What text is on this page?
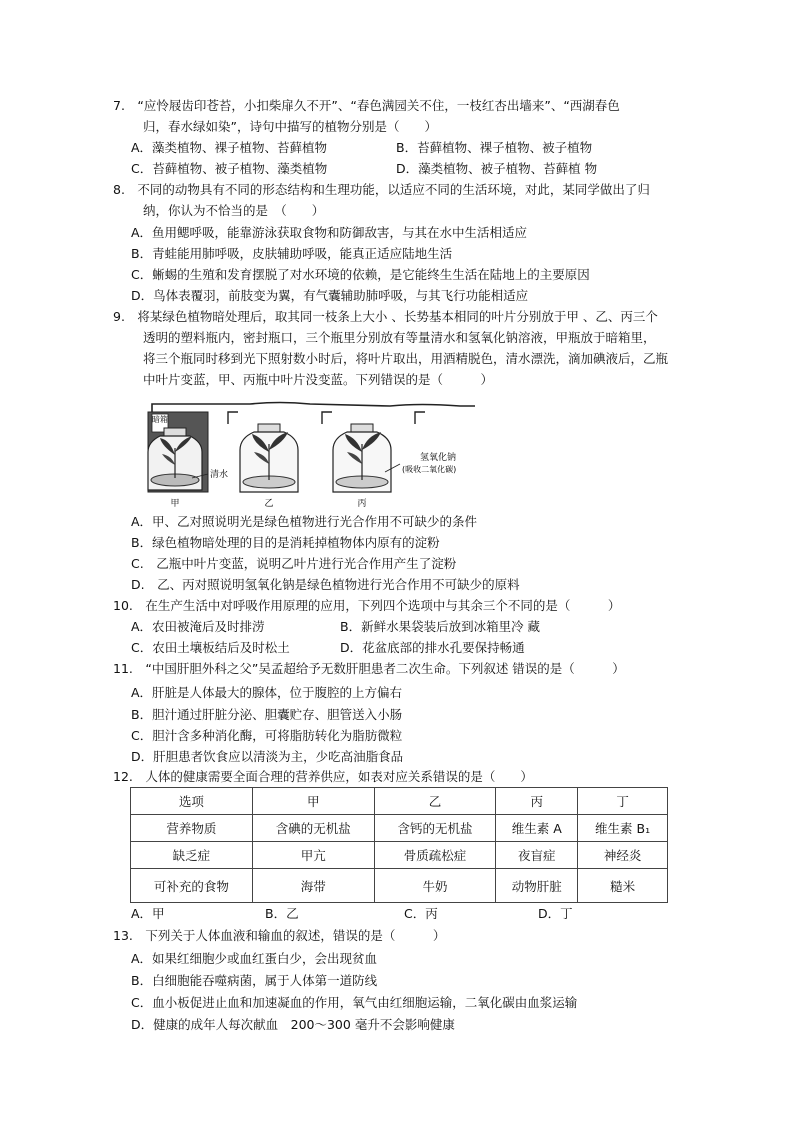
7.　“应怜屐齿印苍苔，小扣柴扉久不开”、“春色满园关不住，一枝红杏出墙来”、“西湖春色
归，春水绿如染”，诗句中描写的植物分别是（　　）
A．藻类植物、裸子植物、苔藓植物	B．苔藓植物、裸子植物、被子植物
C．苔藓植物、被子植物、藻类植物	D．藻类植物、被子植物、苔藓植 物
8.　不同的动物具有不同的形态结构和生理功能，以适应不同的生活环境，对此，某同学做出了归
纳，你认为不恰当的是　（　　）
A．鱼用鳃呼吸，能靠游泳获取食物和防御敌害，与其在水中生活相适应
B．青蛙能用肺呼吸，皮肤辅助呼吸，能真正适应陆地生活
C．蜥蜴的生殖和发育摆脱了对水环境的依赖，是它能终生生活在陆地上的主要原因
D．鸟体表覆羽，前肢变为翼，有气囊辅助肺呼吸，与其飞行功能相适应
9.　将某绿色植物暗处理后，取其同一枝条上大小 、长势基本相同的叶片分别放于甲 、乙、丙三个
透明的塑料瓶内，密封瓶口，三个瓶里分别放有等量清水和氢氧化钠溶液，甲瓶放于暗箱里，
将三个瓶同时移到光下照射数小时后，将叶片取出，用酒精脱色，清水漂洗，滴加碘液后，乙瓶
中叶片变蓝，甲、丙瓶中叶片没变蓝。下列错误的是（　　　）
暗箱
清水
氢氧化钠
(吸收二氧化碳)
甲	乙	丙
A．甲、乙对照说明光是绿色植物进行光合作用不可缺少的条件
B．绿色植物暗处理的目的是消耗掉植物体内原有的淀粉
C.　乙瓶中叶片变蓝，说明乙叶片进行光合作用产生了淀粉
D.　乙、丙对照说明氢氧化钠是绿色植物进行光合作用不可缺少的原料
10.　在生产生活中对呼吸作用原理的应用，下列四个选项中与其余三个不同的是（　　　）
A．农田被淹后及时排涝	B．新鲜水果袋装后放到冰箱里冷 藏
C．农田土壤板结后及时松土	D．花盆底部的排水孔要保持畅通
11.　“中国肝胆外科之父”吴孟超给予无数肝胆患者二次生命。下列叙述 错误的是（　　　）
A．肝脏是人体最大的腺体，位于腹腔的上方偏右
B．胆汁通过肝脏分泌、胆囊贮存、胆管送入小肠
C．胆汁含多种消化酶，可将脂肪转化为脂肪微粒
D．肝胆患者饮食应以清淡为主，少吃高油脂食品
12.　人体的健康需要全面合理的营养供应，如表对应关系错误的是（　　）
选项	甲	乙	丙	丁
营养物质	含碘的无机盐	含钙的无机盐	维生素 A	维生素 B₁
缺乏症	甲亢	骨质疏松症	夜盲症	神经炎
可补充的食物	海带	牛奶	动物肝脏	糙米
A．甲	B．乙	C．丙	D．丁
13.　下列关于人体血液和输血的叙述，错误的是（　　　）
A．如果红细胞少或血红蛋白少，会出现贫血
B．白细胞能吞噬病菌，属于人体第一道防线
C．血小板促进止血和加速凝血的作用，氧气由红细胞运输，二氧化碳由血浆运输
D．健康的成年人每次献血　200～300 毫升不会影响健康
